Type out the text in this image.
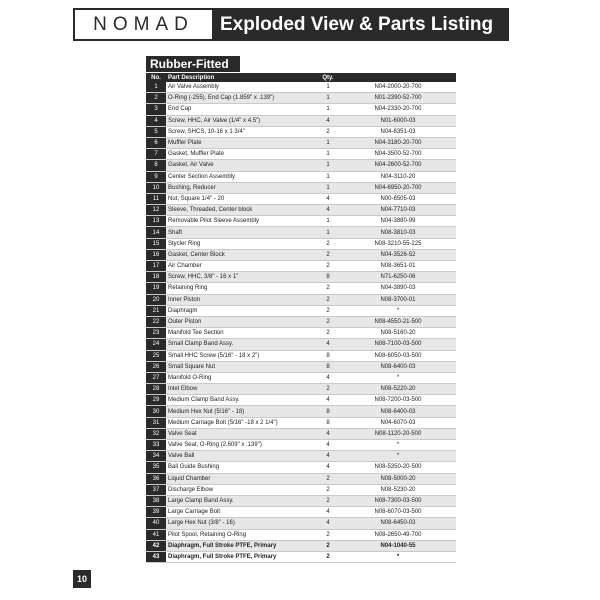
NOMAD	Exploded View & Parts Listing
Rubber-Fitted
No.	Part Description	Qty.	
1	Air Valve Assembly	1	N04-2000-20-700
2	O-Ring (-255), End Cap (1.859" x .139")	1	N01-2390-52-700
3	End Cap	1	N04-2330-20-700
4	Screw, HHC, Air Valve (1/4" x 4.5")	4	N01-6000-03
5	Screw, SHCS, 10-16 x 1 3/4"	2	N04-6351-03
6	Muffler Plate	1	N04-3180-20-700
7	Gasket, Muffler Plate	1	N04-3500-52-700
8	Gasket, Air Valve	1	N04-2600-52-700
9	Center Section Assembly	1	N04-3110-20
10	Bushing, Reducer	1	N04-6950-20-700
11	Nut, Square 1/4" - 20	4	N00-6505-03
12	Sleeve, Threaded, Center block	4	N04-7710-03
13	Removable Pilot Sleeve Assembly	1	N04-3880-99
14	Shaft	1	N08-3810-03
15	Stycler Ring	2	N08-3210-55-225
16	Gasket, Center Block	2	N04-3526-52
17	Air Chamber	2	N08-3651-01
18	Screw, HHC, 3/8" - 16 x 1"	8	N71-6250-06
19	Retaining Ring	2	N04-3890-03
20	Inner Piston	2	N08-3700-01
21	Diaphragm	2	*
22	Outer Piston	2	N08-4550-21-500
23	Manifold Tee Section	2	N08-5160-20
24	Small Clamp Band Assy.	4	N08-7100-03-500
25	Small HHC Screw (5/16" - 18 x 2")	8	N08-6050-03-500
26	Small Square Nut	8	N08-6400-03
27	Manifold O-Ring	4	*
28	Inlet Elbow	2	N08-5220-20
29	Medium Clamp Band Assy.	4	N08-7200-03-500
30	Medium Hex Nut (5/16" - 18)	8	N08-6400-03
31	Medium Carriage Bolt (5/16" -18 x 2 1/4")	8	N04-6070-03
32	Valve Seat	4	N08-1120-20-500
33	Valve Seat, O-Ring (2.609" x .139")	4	*
34	Valve Ball	4	*
35	Ball Guide Bushing	4	N08-5350-20-500
36	Liquid Chamber	2	N08-5000-20
37	Discharge Elbow	2	N08-5230-20
38	Large Clamp Band Assy.	2	N08-7300-03-500
39	Large Carriage Bolt	4	N08-6070-03-500
40	Large Hex Nut (3/8" - 16)	4	N08-6450-03
41	Pilot Spool, Retaining O-Ring	2	N08-2650-49-700
42	Diaphragm, Full Stroke PTFE, Primary	2	N04-1040-55
43	Diaphragm, Full Stroke PTFE, Primary	2	*
10
